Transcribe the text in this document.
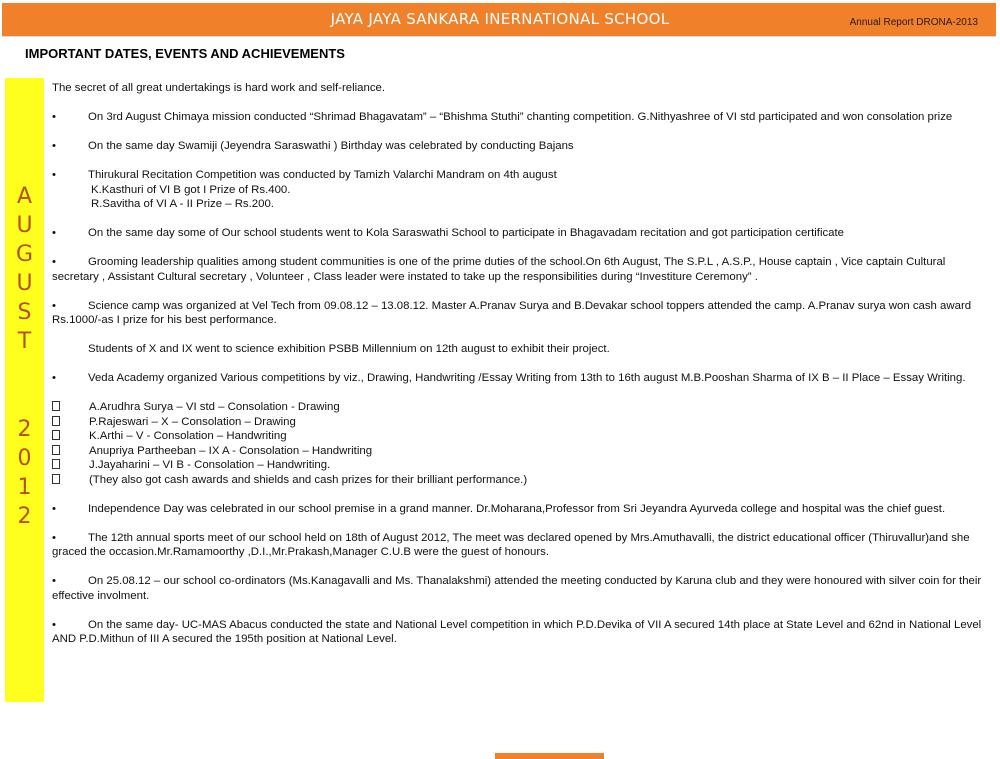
JAYA JAYA SANKARA INERNATIONAL SCHOOL	Annual Report DRONA-2013
IMPORTANT DATES, EVENTS AND ACHIEVEMENTS
A
U
G
U
S
T
2
0
1
2

The secret of all great undertakings is hard work and self-reliance.

•	On 3rd August Chimaya mission conducted “Shrimad Bhagavatam” – “Bhishma Stuthi” chanting competition. G.Nithyashree of VI std participated and won consolation prize

•	On the same day Swamiji (Jeyendra Saraswathi ) Birthday was celebrated by conducting Bajans

•	Thirukural Recitation Competition was conducted by Tamizh Valarchi Mandram on 4th august
K.Kasthuri of VI B got I Prize of Rs.400.
R.Savitha of VI A - II Prize – Rs.200.

•	On the same day some of Our school students went to Kola Saraswathi School to participate in Bhagavadam recitation and got participation certificate

•	Grooming leadership qualities among student communities is one of the prime duties of the school.On 6th August, The S.P.L , A.S.P., House captain , Vice captain Cultural secretary , Assistant Cultural secretary , Volunteer , Class leader were instated to take up the responsibilities during “Investiture Ceremony” .

•	Science camp was organized at Vel Tech from 09.08.12 – 13.08.12. Master A.Pranav Surya and B.Devakar school toppers attended the camp. A.Pranav surya won cash award Rs.1000/-as I prize for his best performance.

Students of X and IX went to science exhibition PSBB Millennium on 12th august to exhibit their project.

•	Veda Academy organized Various competitions by viz., Drawing, Handwriting /Essay Writing from 13th to 16th august M.B.Pooshan Sharma of IX B – II Place – Essay Writing.

A.Arudhra Surya – VI std – Consolation - Drawing
P.Rajeswari – X – Consolation – Drawing
K.Arthi – V - Consolation – Handwriting
Anupriya Partheeban – IX A - Consolation – Handwriting
J.Jayaharini – VI B - Consolation – Handwriting.
(They also got cash awards and shields and cash prizes for their brilliant performance.)

•	Independence Day was celebrated in our school premise in a grand manner. Dr.Moharana,Professor from Sri Jeyandra Ayurveda college and hospital was the chief guest.

•	The 12th annual sports meet of our school held on 18th of August 2012, The meet was declared opened by Mrs.Amuthavalli, the district educational officer (Thiruvallur)and she graced the occasion.Mr.Ramamoorthy ,D.I.,Mr.Prakash,Manager C.U.B were the guest of honours.

•	On 25.08.12 – our school co-ordinators (Ms.Kanagavalli and Ms. Thanalakshmi) attended the meeting conducted by Karuna club and they were honoured with silver coin for their effective involment.

•	On the same day- UC-MAS Abacus conducted the state and National Level competition in which P.D.Devika of VII A secured 14th place at State Level and 62nd in National Level AND P.D.Mithun of III A secured the 195th position at National Level.
